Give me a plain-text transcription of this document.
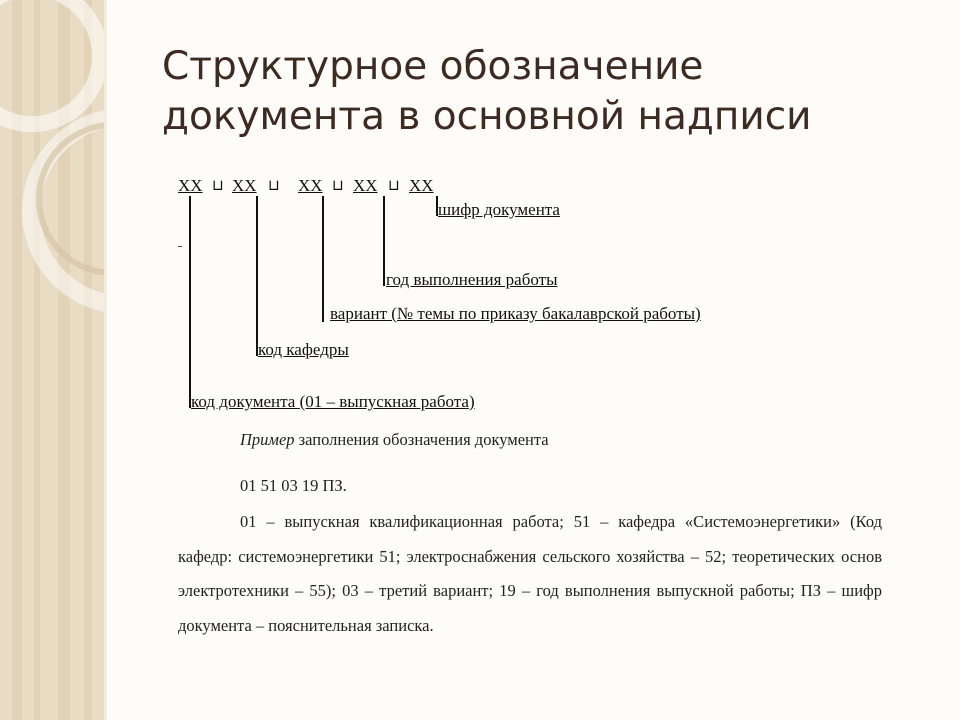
Структурное обозначение
документа в основной надписи
XX ⊔ XX ⊔ XX ⊔ XX ⊔ XX
шифр документа
год выполнения работы
вариант (№ темы по приказу бакалаврской работы)
код кафедры
код документа (01 – выпускная работа)
Пример заполнения обозначения документа
01 51 03 19 ПЗ.

01 – выпускная квалификационная работа; 51 – кафедра «Системоэнергетики» (Код кафедр: системоэнергетики 51; электроснабжения сельского хозяйства – 52; теоретических основ электротехники – 55); 03 – третий вариант; 19 – год выполнения выпускной работы; ПЗ – шифр документа – пояснительная записка.
